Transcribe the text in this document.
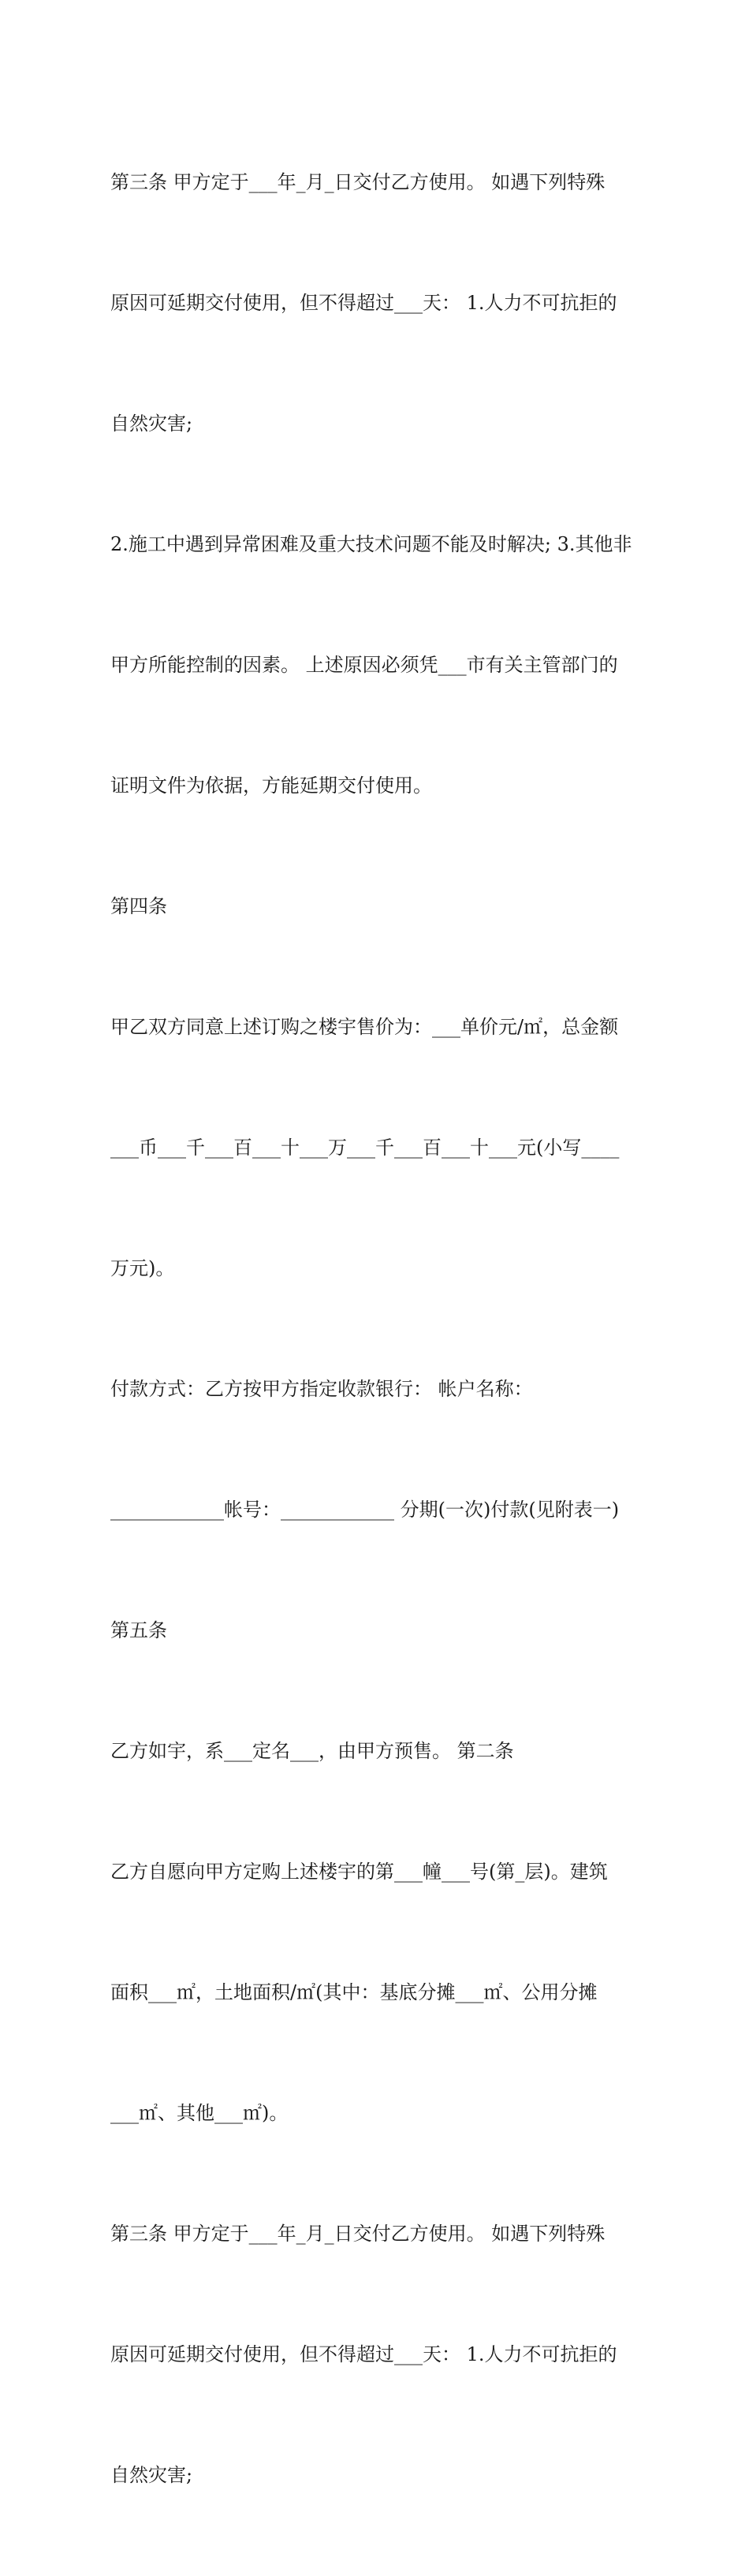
第三条 甲方定于___年_月_日交付乙方使用。 如遇下列特殊

原因可延期交付使用，但不得超过___天： 1.人力不可抗拒的

自然灾害;

2.施工中遇到异常困难及重大技术问题不能及时解决; 3.其他非

甲方所能控制的因素。 上述原因必须凭___市有关主管部门的

证明文件为依据，方能延期交付使用。

第四条

甲乙双方同意上述订购之楼宇售价为：___单价元/㎡，总金额

___币___千___百___十___万___千___百___十___元(小写____

万元)。

付款方式：乙方按甲方指定收款银行： 帐户名称：

____________帐号：____________ 分期(一次)付款(见附表一)

第五条

乙方如宇，系___定名___，由甲方预售。 第二条

乙方自愿向甲方定购上述楼宇的第___幢___号(第_层)。建筑

面积___㎡，土地面积/㎡(其中：基底分摊___㎡、公用分摊

___㎡、其他___㎡)。

第三条 甲方定于___年_月_日交付乙方使用。 如遇下列特殊

原因可延期交付使用，但不得超过___天： 1.人力不可抗拒的

自然灾害;
